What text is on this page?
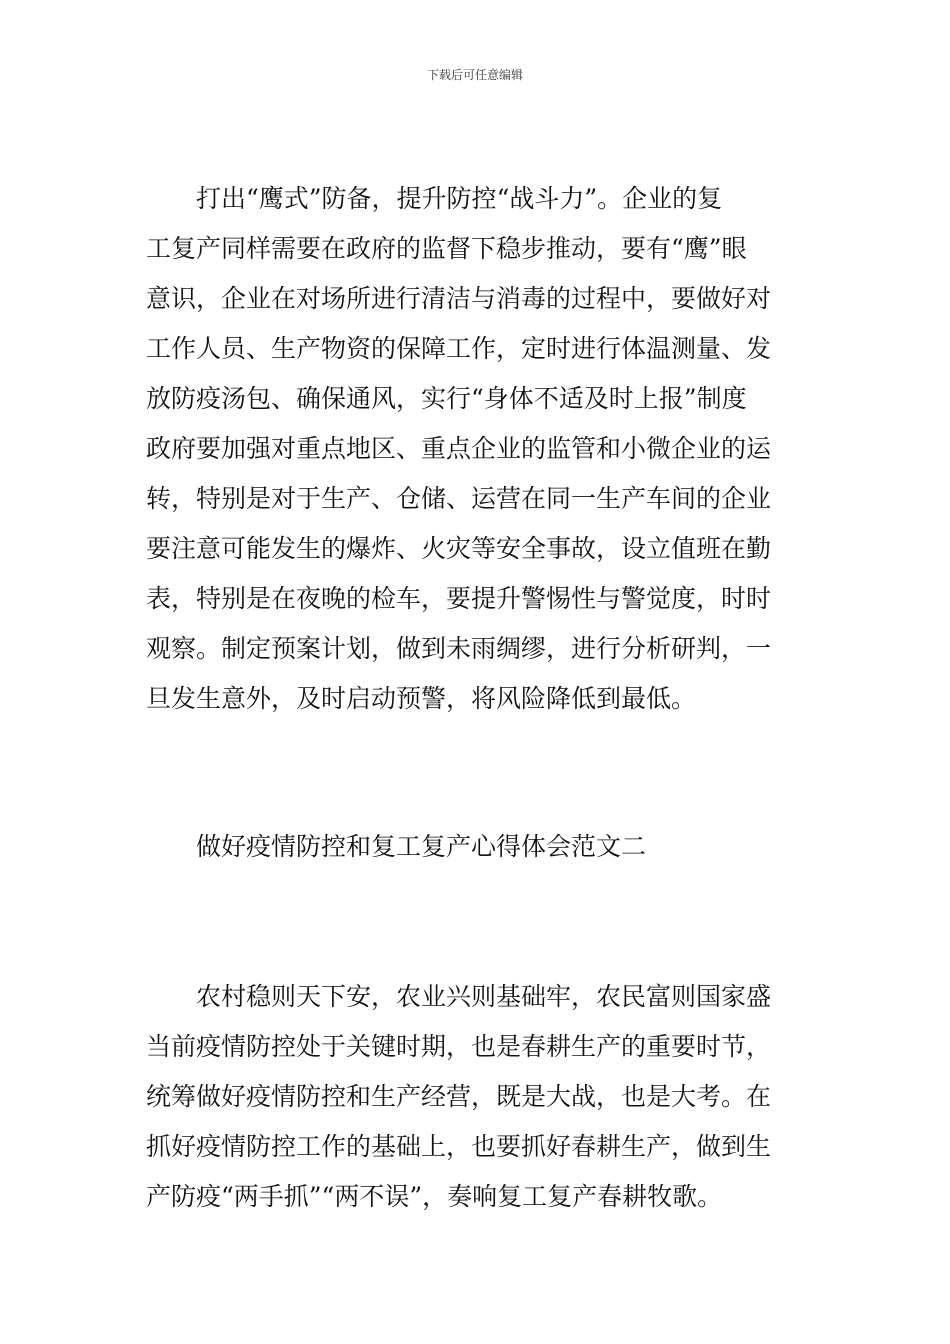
下载后可任意编辑
打出“鹰式”防备，提升防控“战斗力”。企业的复
工复产同样需要在政府的监督下稳步推动，要有“鹰”眼
意识，企业在对场所进行清洁与消毒的过程中，要做好对
工作人员、生产物资的保障工作，定时进行体温测量、发
放防疫汤包、确保通风，实行“身体不适及时上报”制度
政府要加强对重点地区、重点企业的监管和小微企业的运
转，特别是对于生产、仓储、运营在同一生产车间的企业
要注意可能发生的爆炸、火灾等安全事故，设立值班在勤
表，特别是在夜晚的检车，要提升警惕性与警觉度，时时
观察。制定预案计划，做到未雨绸缪，进行分析研判，一
旦发生意外，及时启动预警，将风险降低到最低。
做好疫情防控和复工复产心得体会范文二
农村稳则天下安，农业兴则基础牢，农民富则国家盛
当前疫情防控处于关键时期，也是春耕生产的重要时节，
统筹做好疫情防控和生产经营，既是大战，也是大考。在
抓好疫情防控工作的基础上，也要抓好春耕生产，做到生
产防疫“两手抓”“两不误”，奏响复工复产春耕牧歌。
